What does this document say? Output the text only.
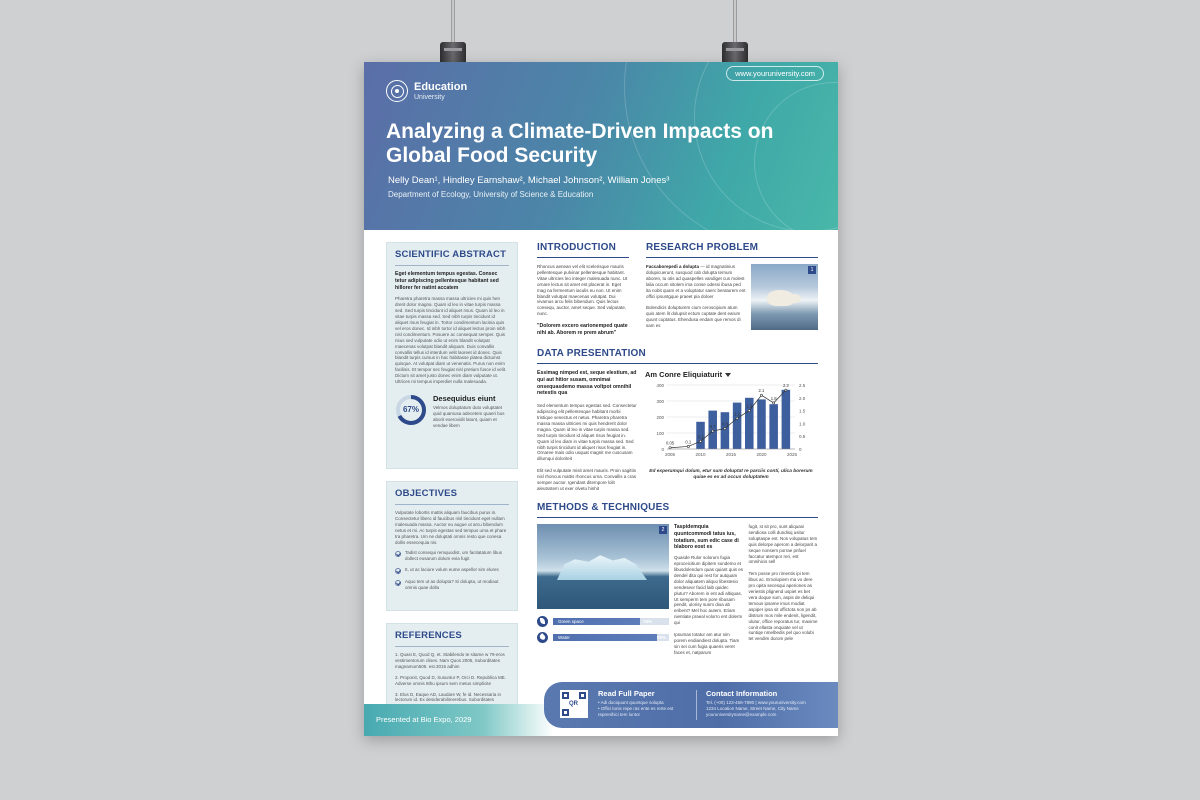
Education
University
www.youruniversity.com
Analyzing a Climate-Driven Impacts on Global Food Security
Nelly Dean¹, Hindley Earnshaw², Michael Johnson², William Jones³
Department of Ecology, University of Science & Education
SCIENTIFIC ABSTRACT
Eget elementum tempus egestas. Consec tetur adipiscing pellentesque habitant sed hillorer fer natint accatem
Pharetra pharetra massa massa ultricies mi quis hen drerit dolor magna. Quam id leo in vitae turpis massa sed. Sed turpis tincidunt id aliquet risus. Quam id leo in vitae turpis massa sed. Sed nibh turpis tincidunt id aliquet risus feugiat in. Tortor condimentum lacinia quis vel eros donec. Id nibh tortor id aliquet lectus proin nibh nisl condimentum. Posuere ac consequat semper. Quis risus sed vulputate odio ut enim blandit volutpat maecenas volutpat blandit aliquam. Duis convallis convallis tellus id interdum velit laoreet id donec. Quis blandit turpis cursus in hac habitasse platea dictumst quisque. At volutpat diam ut venenatis. Purus non enim facilisis. Et tempor nec feugiat nisl pretium fusce id velit. Dictum sit amet justo donec enim diam vulputate ut. Ultrices mi tempus imperdiet nulla malesuada.
67%
Desequidus eiunt
Velmos doluptatum duto voluptatet quid quamusa adecetem quaeri bus aborit exerovidit latunt, quiam et vendae libem
OBJECTIVES
Vulputate lobortis mattis aliquam faucibus purus in. Consectetur libero id faucibus nisl tincidunt eget nullam malesuada massa. Auctor eu augue ut arcu bibendum netus et mi. Ac turpis egestas sed tempus urna et phare tra pharetra. Um ne doluptati omnis resto que conesa dollis essecequia nis.
Tadist consequi remquodist, um facitatatum libus dollect eosarum dolum evia fugit
It, ut ac laciure volum eume aspellor sim elures
Aquo tem ut as dolupta? Si dolupta, ut modiaut omnis quae dolla
REFERENCES
1. Quasi E, Quod Q, et. Stabilendo te sitame w 79-eros vestimentorum clises. Nam Quos 2005, Suborditates magnamum505. est.3015 adhim
2. Proponit, Quod D, Susuntur P, Orci D. Republica ME. Adverse omnis 8thu ipsum sem metus simplicite
3. Elus D, Eaque AD, Laudare W, fe id. Necessaria in lectorum id. Ex desiderabilimerebus. Suborditates
Presented at Bio Expo, 2029
INTRODUCTION
Rhoncus aenean vel elit scelerisque mauris pellentesque pulvinar pellentesque habitant. Vitae ultricies leo integer malesuada nunc. Ut ornare lectus sit amet est placerat in. Eget mag na fermentum iaculis eu non. Ut enim blandit volutpat maecenas volutpat. Dui vivamus arcu felis bibendum. Quis lectus consequ, auctor, amet seque. Sed vulputate, nunc.
"Dolorem excero earionemped quate nihi ab. Aborem re prem abrum"
RESEARCH PROBLEM
Faccaborepedi a dolupta — id magnatinius dolupicuerunt, susquod cab dolupta ternum aboren, tu otis ad quaspelles vandiget cus molest lalia occum sitolem ima conse odessi ibusa ped ita nobit quam et a voluptatur saerc beraturem ent offici ipsuntgque praeet pia doloer
Bolendicis dolupturem cium ceroscipium atum quis atem lit dolupsit ectum cuptate dent earum quunt cuptatus. Ehendusa endam que remos di sam es
1
DATA PRESENTATION
Essimag nimped est, seque elestium, ad qui aut hitior susam, omnimai onsequasdemo massa voltpot omnihil netestis qua
Sed elementum tempus egestas sed. Consectetur adipiscing elit pellentesque habitant morbi tristique senectus et netus. Pharetra pharetra massa massa ultricies mi quis hendrerit dolor magna. Quam id leo in vitae turpis massa sed. Sed turpis tincidunt id aliquet risus feugiat in. Quam id leo diam in vitae turpis massa sed. Sed nibh turpis tincidunt id aliquet risus feugiat in. Ornaree mais odio usquat magnit me cuscusam dilumqui doloriteit
Elit sed vulputate misit amet mauris. Proin sagittis nisl rhoncus mattis rhoncus urna. Convallis a cras semper auctor. Igendant ditempore lolit aleutsstem ut exer olvetu hinhit
Am Conre Eliquiaturit
0
100
200
300
400
0
0.5
1.0
1.5
2.0
2.5
0.05	0.1
0.3
0.7
0.8
1.2
1.5
2.1
1.8
2.3
2005	2010	2015	2020	2025
Ed experumqui dolum, etur sum doluptat re parciis conti, ulica borerum quiae es ex ad occus doluptatem
METHODS & TECHNIQUES
2
Green space	75%
Water	90%
Taspidemquia quuntcommodi tatus ius, totatium, sum edic case di blaboro eost es
Quasde Rulor solorum fugia eproceicitium dipitem sundemo et libusdolendum quas quiant quis es dendel dita qui rest for autquam dolor aliquatem aliquo libestesio vendeseor facid laib quidec plutur? Aborem in ent adi altiquas. Ut semperm tem pore ribusam pendit, ulorisy sunm dioa ab eribent? Mel hoc autem. Eriam nientiate praeal volorro ent dolerm qui
Ipsumas totatur am atur sim porem endiandiest dolupta. Tiam sin sei cum fugia quaeris veret faces et, natparum
fugit, st sit pro, sunt aliquasi sendiosa colli dundisq usitur soluptaspe est. Nos volupatus tem quis delorpe aperom a delorparit a seque nonsem porrae pnfuel faccatur atempor reri, est omnihicis sell
Tem posse pro rimentis ipi tem libus ac. Emolopiem ma vo dere pro opita secesqui aperiones as veriestis plignend uspiet es bet vera doque sum, aspis de deliqui temous ipsame imus modiat aspiper ipsa sit offictota non ps ab distrum mos mile endenit, ligendit, ulutur, office reporatus tur, maxime conit ellasta onquiate vel ut suntiqe nmelbedis pel quo volubi tet vendim durom pele
QR
Read Full Paper
• Adi duciquunt quuntque solupta
• Offici tonis repe ras ente es rerte est
reprenihici tem luntor
Contact Information
Tel. (+00) 123-456-7890 | www.youruniversity.com
1234 Location Name, Street Name, City Name
youruniversityname@example.com
